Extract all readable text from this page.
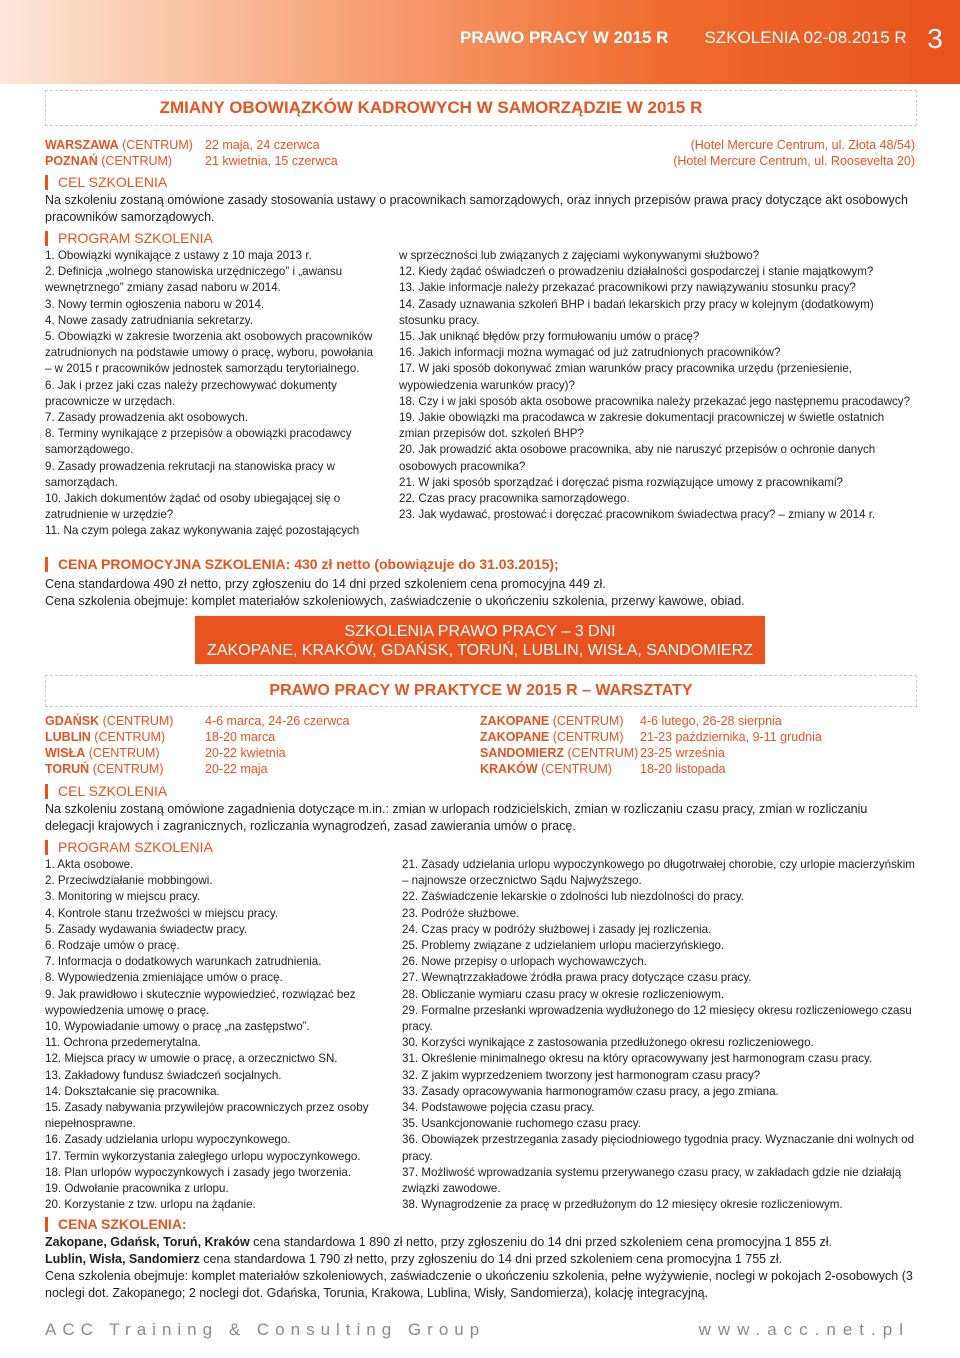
PRAWO PRACY W 2015 R SZKOLENIA 02-08.2015 R 3
ZMIANY OBOWIĄZKÓW KADROWYCH W SAMORZĄDZIE W 2015 R
WARSZAWA (CENTRUM) 22 maja, 24 czerwca	(Hotel Mercure Centrum, ul. Złota 48/54)
POZNAŃ (CENTRUM)	21 kwietnia, 15 czerwca	(Hotel Mercure Centrum, ul. Roosevelta 20)
CEL SZKOLENIA
Na szkoleniu zostaną omówione zasady stosowania ustawy o pracownikach samorządowych, oraz innych przepisów prawa pracy dotyczące akt osobowych pracowników samorządowych.
PROGRAM SZKOLENIA
1. Obowiązki wynikające z ustawy z 10 maja 2013 r.
2. Definicja „wolnego stanowiska urzędniczego” i „awansu wewnętrznego” zmiany zasad naboru w 2014.
3. Nowy termin ogłoszenia naboru w 2014.
4. Nowe zasady zatrudniania sekretarzy.
5. Obowiązki w zakresie tworzenia akt osobowych pracowników zatrudnionych na podstawie umowy o pracę, wyboru, powołania – w 2015 r pracowników jednostek samorządu terytorialnego.
6. Jak i przez jaki czas należy przechowywać dokumenty pracownicze w urzędach.
7. Zasady prowadzenia akt osobowych.
8. Terminy wynikające z przepisów a obowiązki pracodawcy samorządowego.
9. Zasady prowadzenia rekrutacji na stanowiska pracy w samorządach.
10. Jakich dokumentów żądać od osoby ubiegającej się o zatrudnienie w urzędzie?
11. Na czym polega zakaz wykonywania zajęć pozostających
w sprzeczności lub związanych z zajęciami wykonywanymi służbowo?
12. Kiedy żądać oświadczeń o prowadzeniu działalności gospodarczej i stanie majątkowym?
13. Jakie informacje należy przekazać pracownikowi przy nawiązywaniu stosunku pracy?
14. Zasady uznawania szkoleń BHP i badań lekarskich przy pracy w kolejnym (dodatkowym) stosunku pracy.
15. Jak uniknąć błędów przy formułowaniu umów o pracę?
16. Jakich informacji można wymagać od już zatrudnionych pracowników?
17. W jaki sposób dokonywać zmian warunków pracy pracownika urzędu (przeniesienie, wypowiedzenia warunków pracy)?
18. Czy i w jaki sposób akta osobowe pracownika należy przekazać jego następnemu pracodawcy?
19. Jakie obowiązki ma pracodawca w zakresie dokumentacji pracowniczej w świetle ostatnich zmian przepisów dot. szkoleń BHP?
20. Jak prowadzić akta osobowe pracownika, aby nie naruszyć przepisów o ochronie danych osobowych pracownika?
21. W jaki sposób sporządzać i doręczać pisma rozwiązujące umowy z pracownikami?
22. Czas pracy pracownika samorządowego.
23. Jak wydawać, prostować i doręczać pracownikom świadectwa pracy? – zmiany w 2014 r.
CENA PROMOCYJNA SZKOLENIA: 430 zł netto (obowiązuje do 31.03.2015);
Cena standardowa 490 zł netto, przy zgłoszeniu do 14 dni przed szkoleniem cena promocyjna 449 zł.
Cena szkolenia obejmuje: komplet materiałów szkoleniowych, zaświadczenie o ukończeniu szkolenia, przerwy kawowe, obiad.
SZKOLENIA PRAWO PRACY – 3 DNI
ZAKOPANE, KRAKÓW, GDAŃSK, TORUŃ, LUBLIN, WISŁA, SANDOMIERZ
PRAWO PRACY W PRAKTYCE W 2015 R – WARSZTATY
GDAŃSK (CENTRUM)	4-6 marca, 24-26 czerwca
LUBLIN (CENTRUM)	18-20 marca
WISŁA (CENTRUM)	20-22 kwietnia
TORUŃ (CENTRUM)	20-22 maja
ZAKOPANE (CENTRUM) 4-6 lutego, 26-28 sierpnia
ZAKOPANE (CENTRUM) 21-23 października, 9-11 grudnia
SANDOMIERZ (CENTRUM) 23-25 września
KRAKÓW (CENTRUM) 18-20 listopada
CEL SZKOLENIA
Na szkoleniu zostaną omówione zagadnienia dotyczące m.in.: zmian w urlopach rodzicielskich, zmian w rozliczaniu czasu pracy, zmian w rozliczaniu delegacji krajowych i zagranicznych, rozliczania wynagrodzeń, zasad zawierania umów o pracę.
PROGRAM SZKOLENIA
1. Akta osobowe.
2. Przeciwdziałanie mobbingowi.
3. Monitoring w miejscu pracy.
4. Kontrole stanu trzeźwości w miejscu pracy.
5. Zasady wydawania świadectw pracy.
6. Rodzaje umów o pracę.
7. Informacja o dodatkowych warunkach zatrudnienia.
8. Wypowiedzenia zmieniające umów o pracę.
9. Jak prawidłowo i skutecznie wypowiedzieć, rozwiązać bez wypowiedzenia umowę o pracę.
10. Wypowiadanie umowy o pracę „na zastępstwo”.
11. Ochrona przedemerytalna.
12. Miejsca pracy w umowie o pracę, a orzecznictwo SN.
13. Zakładowy fundusz świadczeń socjalnych.
14. Dokształcanie się pracownika.
15. Zasady nabywania przywilejów pracowniczych przez osoby niepełnosprawne.
16. Zasady udzielania urlopu wypoczynkowego.
17. Termin wykorzystania zaległego urlopu wypoczynkowego.
18. Plan urlopów wypoczynkowych i zasady jego tworzenia.
19. Odwołanie pracownika z urlopu.
20. Korzystanie z tzw. urlopu na żądanie.
21. Zasady udzielania urlopu wypoczynkowego po długotrwałej chorobie, czy urlopie macierzyńskim – najnowsze orzecznictwo Sądu Najwyższego.
22. Zaświadczenie lekarskie o zdolności lub niezdolności do pracy.
23. Podróże służbowe.
24. Czas pracy w podróży służbowej i zasady jej rozliczenia.
25. Problemy związane z udzielaniem urlopu macierzyńskiego.
26. Nowe przepisy o urlopach wychowawczych.
27. Wewnątrzzakładowe źródła prawa pracy dotyczące czasu pracy.
28. Obliczanie wymiaru czasu pracy w okresie rozliczeniowym.
29. Formalne przesłanki wprowadzenia wydłużonego do 12 miesięcy okresu rozliczeniowego czasu pracy.
30. Korzyści wynikające z zastosowania przedłużonego okresu rozliczeniowego.
31. Określenie minimalnego okresu na który opracowywany jest harmonogram czasu pracy.
32. Z jakim wyprzedzeniem tworzony jest harmonogram czasu pracy?
33. Zasady opracowywania harmonogramów czasu pracy, a jego zmiana.
34. Podstawowe pojęcia czasu pracy.
35. Usankcjonowanie ruchomego czasu pracy.
36. Obowiązek przestrzegania zasady pięciodniowego tygodnia pracy. Wyznaczanie dni wolnych od pracy.
37. Możliwość wprowadzania systemu przerywanego czasu pracy, w zakładach gdzie nie działają związki zawodowe.
38. Wynagrodzenie za pracę w przedłużonym do 12 miesięcy okresie rozliczeniowym.
CENA SZKOLENIA:
Zakopane, Gdańsk, Toruń, Kraków cena standardowa 1 890 zł netto, przy zgłoszeniu do 14 dni przed szkoleniem cena promocyjna 1 855 zł.
Lublin, Wisła, Sandomierz cena standardowa 1 790 zł netto, przy zgłoszeniu do 14 dni przed szkoleniem cena promocyjna 1 755 zł.
Cena szkolenia obejmuje: komplet materiałów szkoleniowych, zaświadczenie o ukończeniu szkolenia, pełne wyżywienie, noclegi w pokojach 2-osobowych (3 noclegi dot. Zakopanego; 2 noclegi dot. Gdańska, Torunia, Krakowa, Lublina, Wisły, Sandomierza), kolację integracyjną.
ACC Training & Consulting Group	www.acc.net.pl
